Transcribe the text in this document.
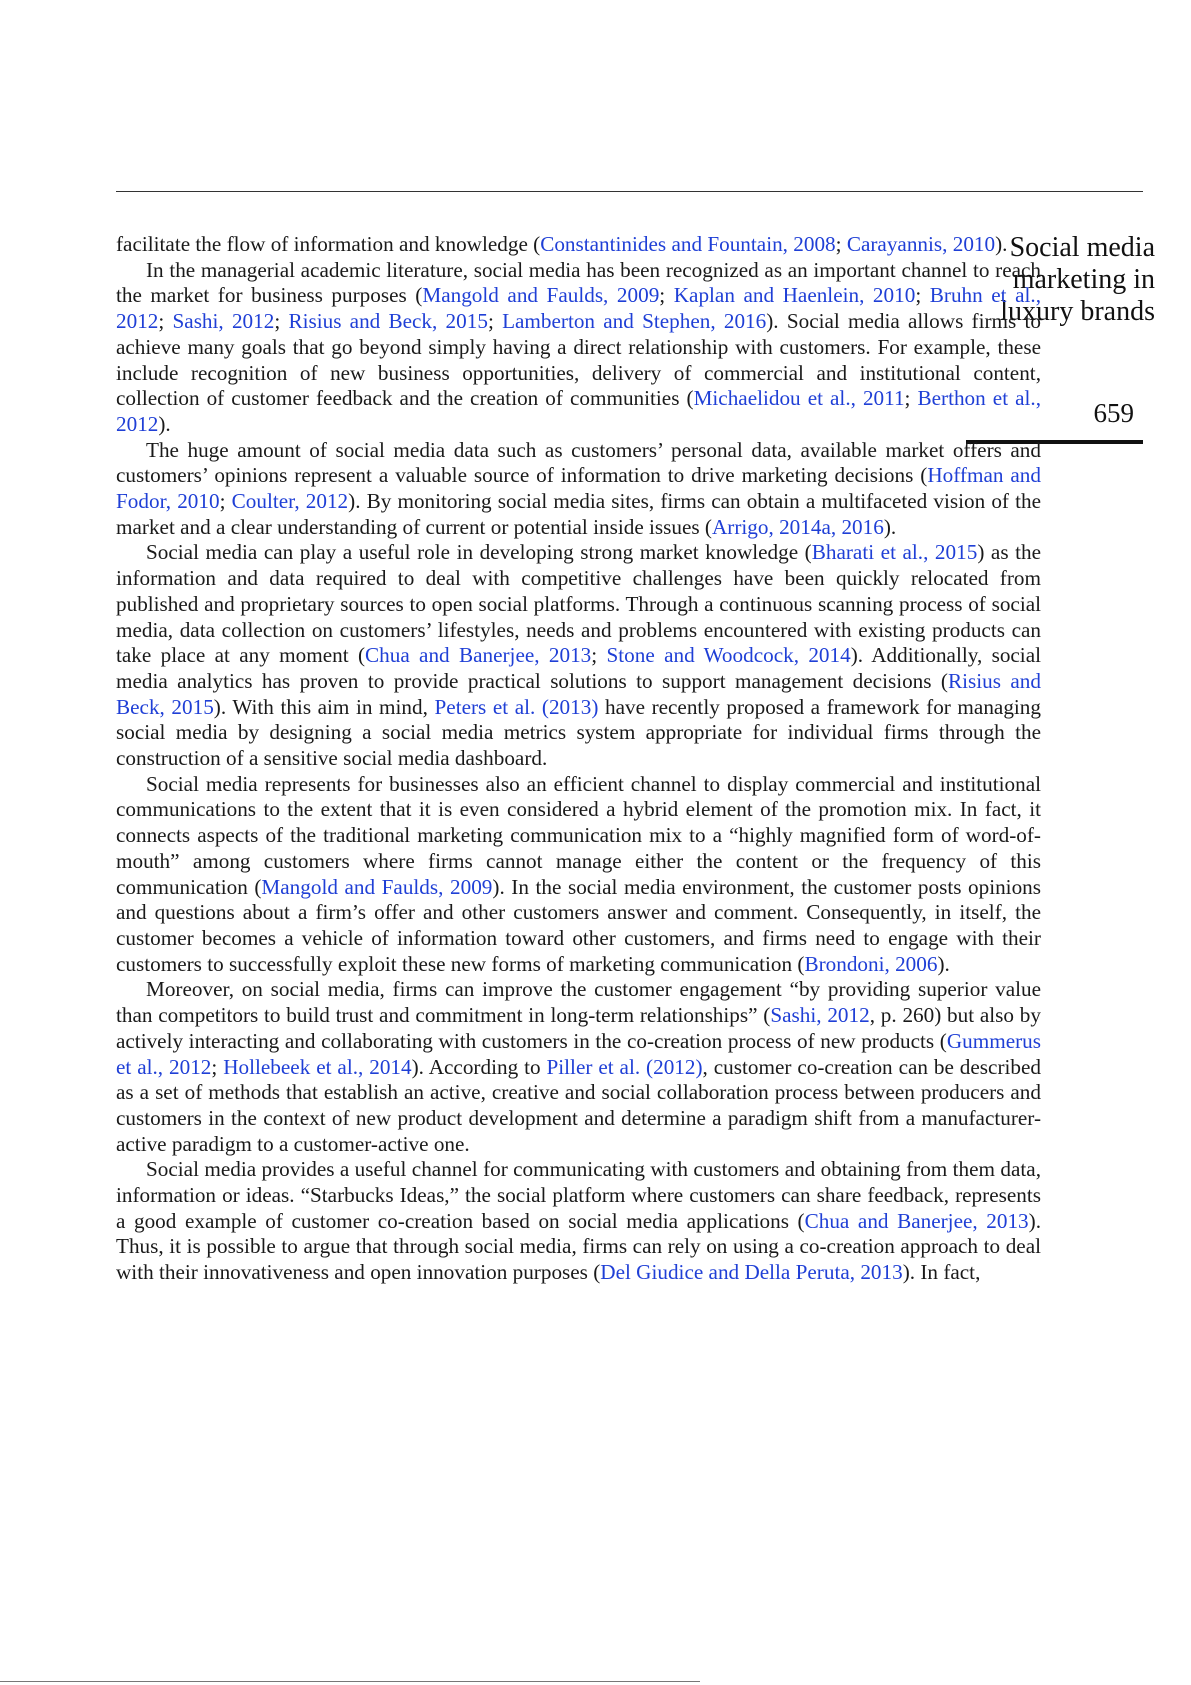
Social media
marketing in
luxury brands
659

facilitate the flow of information and knowledge (Constantinides and Fountain, 2008; Carayannis, 2010).

In the managerial academic literature, social media has been recognized as an important channel to reach the market for business purposes (Mangold and Faulds, 2009; Kaplan and Haenlein, 2010; Bruhn et al., 2012; Sashi, 2012; Risius and Beck, 2015; Lamberton and Stephen, 2016). Social media allows firms to achieve many goals that go beyond simply having a direct relationship with customers. For example, these include recognition of new business opportunities, delivery of commercial and institutional content, collection of customer feedback and the creation of communities (Michaelidou et al., 2011; Berthon et al., 2012).

The huge amount of social media data such as customers’ personal data, available market offers and customers’ opinions represent a valuable source of information to drive marketing decisions (Hoffman and Fodor, 2010; Coulter, 2012). By monitoring social media sites, firms can obtain a multifaceted vision of the market and a clear understanding of current or potential inside issues (Arrigo, 2014a, 2016).

Social media can play a useful role in developing strong market knowledge (Bharati et al., 2015) as the information and data required to deal with competitive challenges have been quickly relocated from published and proprietary sources to open social platforms. Through a continuous scanning process of social media, data collection on customers’ lifestyles, needs and problems encountered with existing products can take place at any moment (Chua and Banerjee, 2013; Stone and Woodcock, 2014). Additionally, social media analytics has proven to provide practical solutions to support management decisions (Risius and Beck, 2015). With this aim in mind, Peters et al. (2013) have recently proposed a framework for managing social media by designing a social media metrics system appropriate for individual firms through the construction of a sensitive social media dashboard.

Social media represents for businesses also an efficient channel to display commercial and institutional communications to the extent that it is even considered a hybrid element of the promotion mix. In fact, it connects aspects of the traditional marketing communication mix to a “highly magnified form of word-of-mouth” among customers where firms cannot manage either the content or the frequency of this communication (Mangold and Faulds, 2009). In the social media environment, the customer posts opinions and questions about a firm’s offer and other customers answer and comment. Consequently, in itself, the customer becomes a vehicle of information toward other customers, and firms need to engage with their customers to successfully exploit these new forms of marketing communication (Brondoni, 2006).

Moreover, on social media, firms can improve the customer engagement “by providing superior value than competitors to build trust and commitment in long-term relationships” (Sashi, 2012, p. 260) but also by actively interacting and collaborating with customers in the co-creation process of new products (Gummerus et al., 2012; Hollebeek et al., 2014). According to Piller et al. (2012), customer co-creation can be described as a set of methods that establish an active, creative and social collaboration process between producers and customers in the context of new product development and determine a paradigm shift from a manufacturer-active paradigm to a customer-active one.

Social media provides a useful channel for communicating with customers and obtaining from them data, information or ideas. “Starbucks Ideas,” the social platform where customers can share feedback, represents a good example of customer co-creation based on social media applications (Chua and Banerjee, 2013). Thus, it is possible to argue that through social media, firms can rely on using a co-creation approach to deal with their innovativeness and open innovation purposes (Del Giudice and Della Peruta, 2013). In fact,
